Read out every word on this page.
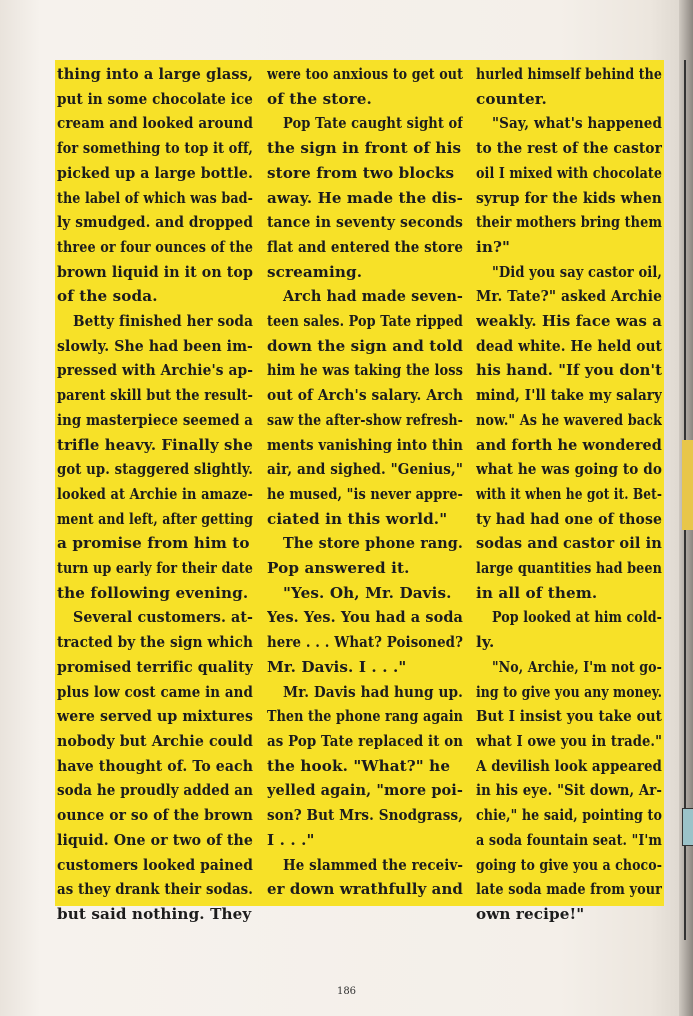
thing into a large glass,
put in some chocolate ice
cream and looked around
for something to top it off,
picked up a large bottle.
the label of which was bad-
ly smudged. and dropped
three or four ounces of the
brown liquid in it on top
of the soda.
Betty finished her soda
slowly. She had been im-
pressed with Archie's ap-
parent skill but the result-
ing masterpiece seemed a
trifle heavy. Finally she
got up. staggered slightly.
looked at Archie in amaze-
ment and left, after getting
a promise from him to
turn up early for their date
the following evening.
Several customers. at-
tracted by the sign which
promised terrific quality
plus low cost came in and
were served up mixtures
nobody but Archie could
have thought of. To each
soda he proudly added an
ounce or so of the brown
liquid. One or two of the
customers looked pained
as they drank their sodas.
but said nothing. They
were too anxious to get out
of the store.
Pop Tate caught sight of
the sign in front of his
store from two blocks
away. He made the dis-
tance in seventy seconds
flat and entered the store
screaming.
Arch had made seven-
teen sales. Pop Tate ripped
down the sign and told
him he was taking the loss
out of Arch's salary. Arch
saw the after-show refresh-
ments vanishing into thin
air, and sighed. "Genius,"
he mused, "is never appre-
ciated in this world."
The store phone rang.
Pop answered it.
"Yes. Oh, Mr. Davis.
Yes. Yes. You had a soda
here . . . What? Poisoned?
Mr. Davis. I . . ."
Mr. Davis had hung up.
Then the phone rang again
as Pop Tate replaced it on
the hook. "What?" he
yelled again, "more poi-
son? But Mrs. Snodgrass,
I . . ."
He slammed the receiv-
er down wrathfully and
hurled himself behind the
counter.
"Say, what's happened
to the rest of the castor
oil I mixed with chocolate
syrup for the kids when
their mothers bring them
in?"
"Did you say castor oil,
Mr. Tate?" asked Archie
weakly. His face was a
dead white. He held out
his hand. "If you don't
mind, I'll take my salary
now." As he wavered back
and forth he wondered
what he was going to do
with it when he got it. Bet-
ty had had one of those
sodas and castor oil in
large quantities had been
in all of them.
Pop looked at him cold-
ly.
"No, Archie, I'm not go-
ing to give you any money.
But I insist you take out
what I owe you in trade."
A devilish look appeared
in his eye. "Sit down, Ar-
chie," he said, pointing to
a soda fountain seat. "I'm
going to give you a choco-
late soda made from your
own recipe!"
186
